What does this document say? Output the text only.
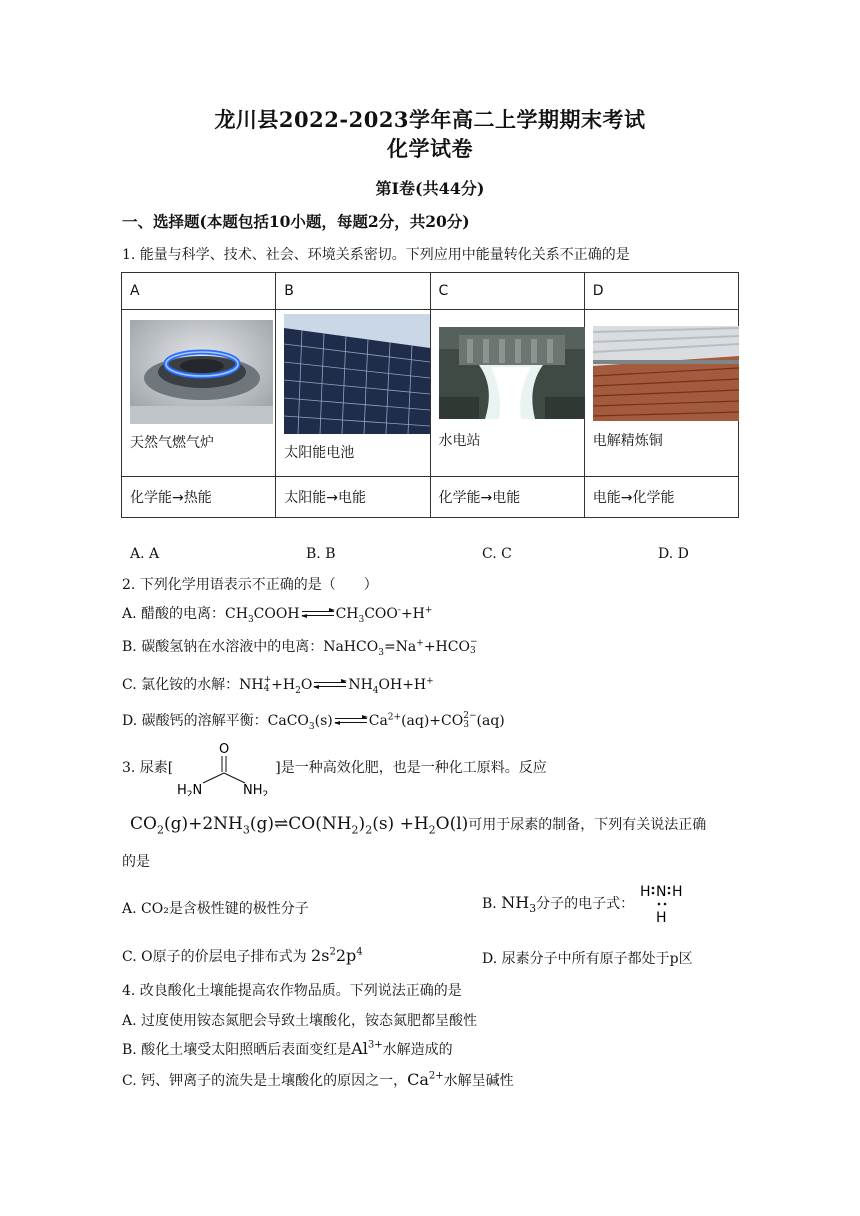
龙川县2022-2023学年高二上学期期末考试
化学试卷
第Ⅰ卷(共44分)
一、选择题(本题包括10小题，每题2分，共20分)
1. 能量与科学、技术、社会、环境关系密切。下列应用中能量转化关系不正确的是
A	B	C	D

天然气燃气炉	太阳能电池	水电站	电解精炼铜

化学能→热能	太阳能→电能	化学能→电能	电能→化学能
A. A	B. B	C. C	D. D
2. 下列化学用语表示不正确的是（　　）
A. 醋酸的电离：$CH_3COOH$	$CH_3COO^-+H^+$
B. 碳酸氢钠在水溶液中的电离：NaHCO$_3$=Na++HCO −
3
C. 氯化铵的水解：NH +
$4 +H_2O$	$NH_4OH+H^+$
D. 碳酸钙的溶解平衡：CaCO$_3$(s)	$Ca^{2+}(aq)+CO$ 2−
3 (aq)
3. 尿素[
O
$H_2N$	$NH_2$
]是一种高效化肥，也是一种化工原料。反应
$CO_2(g)+2NH_3(g)\rightleftharpoons CO(NH_2)_2(s) +H_2O(l)$可用于尿素的制备，下列有关说法正确
的是
A. CO₂是含极性键的极性分子	B. $NH_3$分子的电子式：
H N H
H
C. O原子的价层电子排布式为 $2s^22p^4$	D. 尿素分子中所有原子都处于p区
4. 改良酸化土壤能提高农作物品质。下列说法正确的是
A. 过度使用铵态氮肥会导致土壤酸化，铵态氮肥都呈酸性
B. 酸化土壤受太阳照晒后表面变红是$Al^{3+}$水解造成的
C. 钙、钾离子的流失是土壤酸化的原因之一，$Ca^{2+}$水解呈碱性
